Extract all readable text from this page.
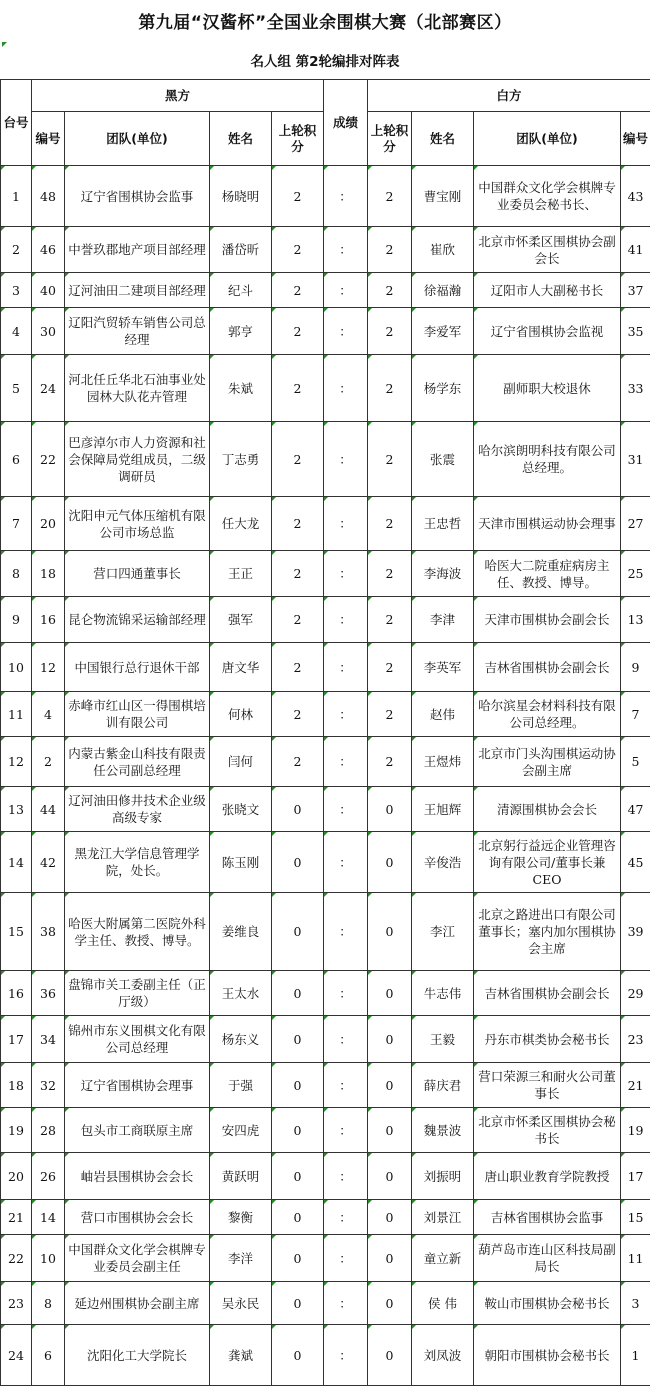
第九届“汉酱杯”全国业余围棋大赛（北部赛区）
名人组 第2轮编排对阵表
台号	黑方				成绩	白方			
	编号	团队(单位)	姓名	上轮积分		上轮积分	姓名	团队(单位)	编号
1	48	辽宁省围棋协会监事	杨晓明	2	：	2	曹宝刚	中国群众文化学会棋牌专业委员会秘书长、	43
2	46	中誉玖郡地产项目部经理	潘岱昕	2	：	2	崔欣	北京市怀柔区围棋协会副会长	41
3	40	辽河油田二建项目部经理	纪斗	2	：	2	徐福瀚	辽阳市人大副秘书长	37
4	30	辽阳汽贸轿车销售公司总经理	郭亨	2	：	2	李爱军	辽宁省围棋协会监视	35
5	24	河北任丘华北石油事业处园林大队花卉管理	朱斌	2	：	2	杨学东	副师职大校退休	33
6	22	巴彦淖尔市人力资源和社会保障局党组成员，二级调研员	丁志勇	2	：	2	张震	哈尔滨朗明科技有限公司总经理。	31
7	20	沈阳申元气体压缩机有限公司市场总监	任大龙	2	：	2	王忠哲	天津市围棋运动协会理事	27
8	18	营口四通董事长	王正	2	：	2	李海波	哈医大二院重症病房主任、教授、博导。	25
9	16	昆仑物流锦采运输部经理	强军	2	：	2	李津	天津市围棋协会副会长	13
10	12	中国银行总行退休干部	唐文华	2	：	2	李英军	吉林省围棋协会副会长	9
11	4	赤峰市红山区一得围棋培训有限公司	何林	2	：	2	赵伟	哈尔滨星会材料科技有限公司总经理。	7
12	2	内蒙古紫金山科技有限责任公司副总经理	闫何	2	：	2	王煜炜	北京市门头沟围棋运动协会副主席	5
13	44	辽河油田修井技术企业级高级专家	张晓文	0	：	0	王旭辉	清源围棋协会会长	47
14	42	黑龙江大学信息管理学院，处长。	陈玉刚	0	：	0	辛俊浩	北京躬行益远企业管理咨询有限公司/董事长兼CEO	45
15	38	哈医大附属第二医院外科学主任、教授、博导。	姜维良	0	：	0	李江	北京之路进出口有限公司董事长；塞内加尔围棋协会主席	39
16	36	盘锦市关工委副主任（正厅级）	王太水	0	：	0	牛志伟	吉林省围棋协会副会长	29
17	34	锦州市东义围棋文化有限公司总经理	杨东义	0	：	0	王毅	丹东市棋类协会秘书长	23
18	32	辽宁省围棋协会理事	于强	0	：	0	薛庆君	营口荣源三和耐火公司董事长	21
19	28	包头市工商联原主席	安四虎	0	：	0	魏景波	北京市怀柔区围棋协会秘书长	19
20	26	岫岩县围棋协会会长	黄跃明	0	：	0	刘振明	唐山职业教育学院教授	17
21	14	营口市围棋协会会长	黎衡	0	：	0	刘景江	吉林省围棋协会监事	15
22	10	中国群众文化学会棋牌专业委员会副主任	李洋	0	：	0	童立新	葫芦岛市连山区科技局副局长	11
23	8	延边州围棋协会副主席	吴永民	0	：	0	侯 伟	鞍山市围棋协会秘书长	3
24	6	沈阳化工大学院长	龚斌	0	：	0	刘凤波	朝阳市围棋协会秘书长	1
